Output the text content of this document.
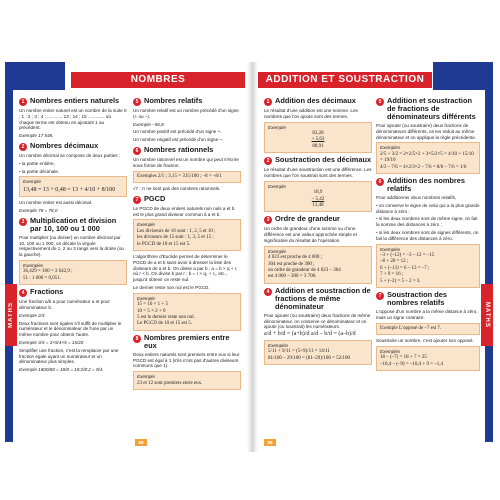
NOMBRES
MATHS
1 Nombres entiers naturels

Un nombre entier naturel est un nombre de la suite 0 ; 1 ; 2 ; 3 ; 4 ; ............ 13 ; 14 ; 15 ............. où chaque terme est obtenu en ajoutant 1 au précédent.

Exemple 17 548.

2 Nombres décimaux

Un nombre décimal se compose de deux parties :

• la partie entière,

• la partie décimale.

Exemple
13,48 = 13 + 0,48 = 13 + 4/10 + 8/100

Un nombre entier est aussi décimal.

Exemple 78 = 78,0

3 Multiplication et division par 10, 100 ou 1 000

Pour multiplier (ou diviser) un nombre décimal par 10, 100 ou 1 000, on décale la virgule respectivement de 1, 2 ou 3 rangs vers la droite (ou la gauche).

Exemples
36,429 × 100 = 3 642,9 ;
51 : 1 000 = 0,051.
4 Fractions

Une fraction a/b a pour numérateur a et pour dénominateur b.

Exemple 2/4

Deux fractions sont égales s'il suffit de multiplier le numérateur et le dénominateur de l'une par un même nombre pour obtenir l'autre.

Exemple 3/4 = 3×5/4×5 = 15/20

Simplifier une fraction, c'est la remplacer par une fraction égale ayant un numérateur et un dénominateur plus simples.

Exemple 1800/88 = 18/8 = 18:2/8:2 = 9/4

5 Nombres relatifs

Un nombre relatif est un nombre précédé d'un signe (+ ou –).

Exemple –56,8.

Un nombre positif est précédé d'un signe +.

Un nombre négatif est précédé d'un signe –.

6 Nombres rationnels

Un nombre rationnel est un nombre qui peut s'écrire sous forme de fraction.

Exemples 2/5 ; 3,15 = 315/100 ; –8 = –8/1

√7 ; π ne sont pas des nombres rationnels.

7 PGCD

Le PGCD de deux entiers naturels non nuls a et b est le plus grand diviseur commun à a et b.

Exemple
Les diviseurs de 10 sont : 1, 2, 5 et 10 ;
les diviseurs de 15 sont : 1, 3, 5 et 15 ;
le PGCD de 10 et 15 est 5.

L'algorithme d'Euclide permet de déterminer le PGCD de a et b sans avoir à dresser la liste des diviseurs de a et b. On divise a par b ; a = b × q + r, où r < b. On divise b par r ; b = r × q₁ + r₁, etc., jusqu'à obtenir un reste nul.

Le dernier reste non nul est le PGCD.

Exemple
15 = 10 × 1 + 5
10 = 5 × 2 + 0
5 est le dernier reste non nul.
Le PGCD de 10 et 15 est 5.
8 Nombres premiers entre eux

Deux entiers naturels sont premiers entre eux si leur PGCD est égal à 1 (s'ils n'ont pas d'autres diviseurs communs que 1).

Exemple
23 et 12 sont premiers entre eux.
58
ADDITION ET SOUSTRACTION
MATHS
1 Addition des décimaux

Le résultat d'une addition est une somme. Les nombres que l'on ajoute sont des termes.

Exemple
83,28
+ 5,63
88,91
2 Soustraction des décimaux

Le résultat d'une soustraction est une différence. Les nombres que l'on soustrait sont des termes.

Exemple
18,9
– 5,42
13,48
3 Ordre de grandeur

Un ordre de grandeur d'une somme ou d'une différence est une valeur approchée simple et significative du résultat de l'opération.

Exemple
4 023 est proche de 4 000 ;
304 est proche de 300 ;
un ordre de grandeur de 4 023 – 304
est 4 000 – 300 = 3 700.
4 Addition et soustraction de fractions de même dénominateur

Pour ajouter (ou soustraire) deux fractions de même dénominateur, on conserve ce dénominateur et on ajoute (ou soustrait) les numérateurs.

a/d + b/d = (a+b)/d a/d – b/d = (a–b)/d

Exemples
5/11 + 9/11 = (5+9)/11 = 14/11
81/100 – 29/100 = (81–29)/100 = 52/100
5 Addition et soustraction de fractions de dénominateurs différents

Pour ajouter (ou soustraire) deux fractions de dénominateurs différents, on les réduit au même dénominateur et on applique la règle précédente.

Exemples
2/5 + 3/2 = 2×2/5×2 + 3×5/2×5 = 4/10 + 15/10 = 19/10
4/3 – 7/6 = 4×2/3×2 – 7/6 = 8/6 – 7/6 = 1/6
6 Addition des nombres relatifs

Pour additionner deux nombres relatifs,

• on conserve le signe de celui qui a la plus grande distance à zéro ;

• si les deux nombres sont de même signe, on fait la somme des distances à zéro ;

• si les deux nombres sont de signes différents, on fait la différence des distances à zéro.

Exemples
–3 + (–12) = –3 – 12 = –15
–8 + 20 = 12 ;
6 + (–13) = 6 – 13 = –7 ;
7 + 9 = 16 ;
5 + (–2) = 5 – 2 = 3.
7 Soustraction des nombres relatifs

L'opposé d'un nombre a la même distance à zéro, mais un signe contraire.

Exemple L'opposé de –7 est 7.

Soustraire un nombre, c'est ajouter son opposé.

Exemples
18 – (–7) = 18 + 7 = 25
–10,4 – (–9) = –10,4 + 9 = –1,4
59
